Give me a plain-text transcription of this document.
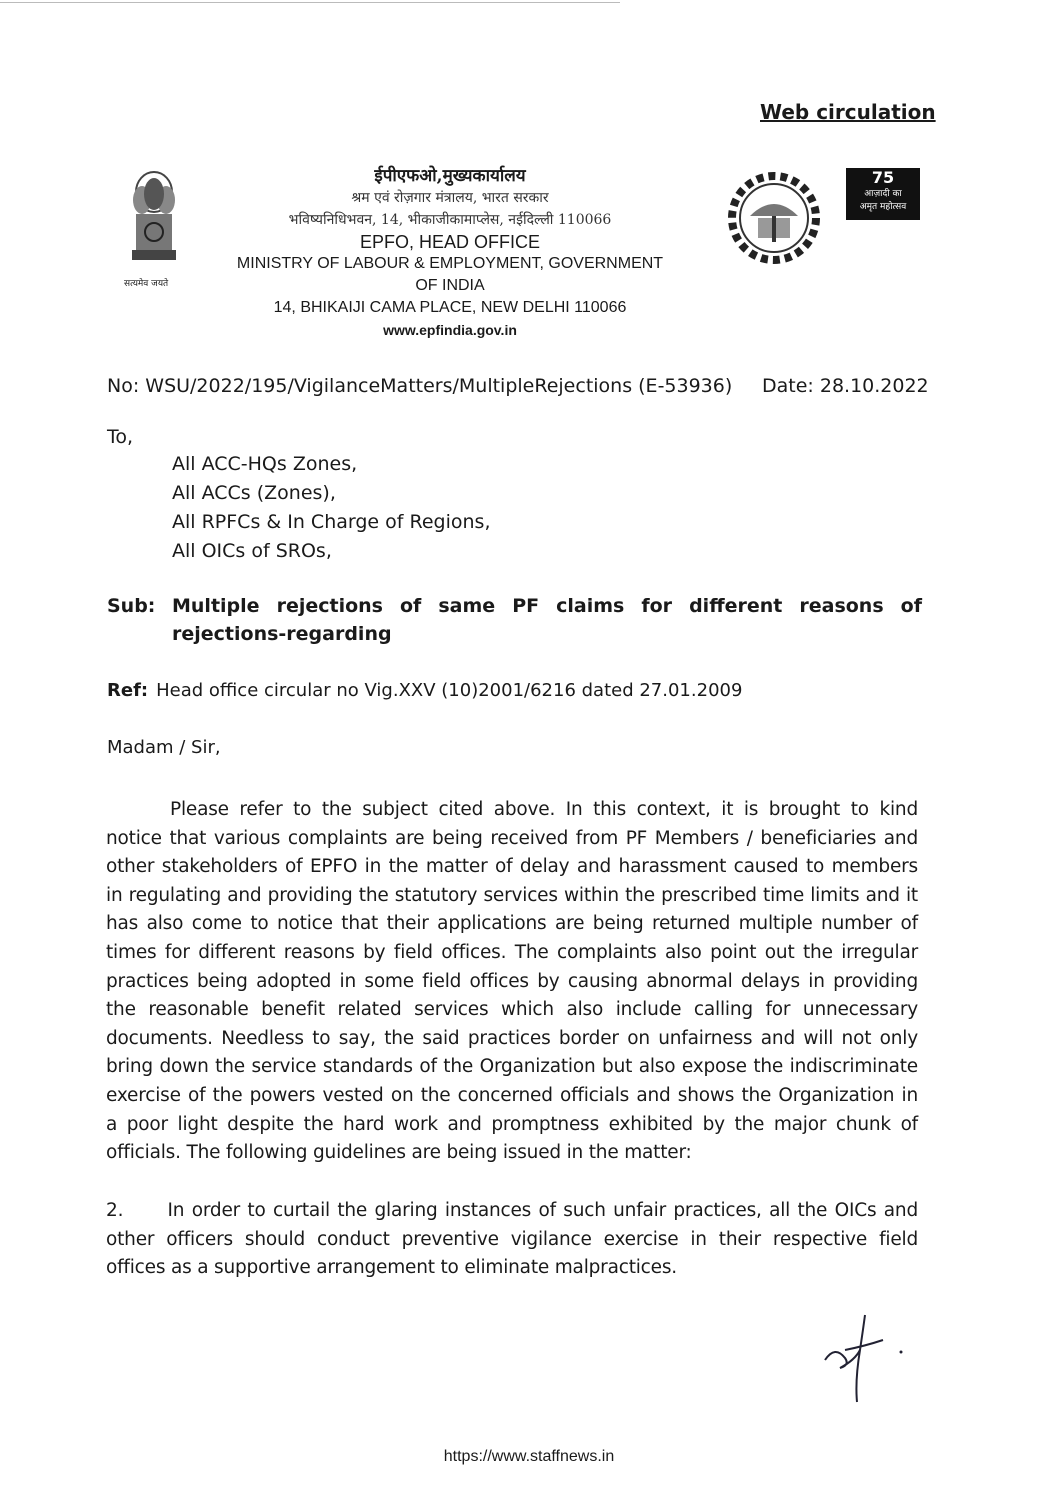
Web circulation
सत्यमेव जयते
ईपीएफओ,मुख्यकार्यालय
श्रम एवं रोज़गार मंत्रालय, भारत सरकार
भविष्यनिधिभवन, 14, भीकाजीकामाप्लेस, नईदिल्ली 110066
EPFO, HEAD OFFICE
MINISTRY OF LABOUR & EMPLOYMENT, GOVERNMENT
OF INDIA
14, BHIKAIJI CAMA PLACE, NEW DELHI 110066
www.epfindia.gov.in
75
आज़ादी का
अमृत महोत्सव
No: WSU/2022/195/VigilanceMatters/MultipleRejections (E-53936) Date: 28.10.2022
To,
All ACC-HQs Zones,
All ACCs (Zones),
All RPFCs & In Charge of Regions,
All OICs of SROs,
Sub: Multiple rejections of same PF claims for different reasons of rejections-regarding
Ref: Head office circular no Vig.XXV (10)2001/6216 dated 27.01.2009
Madam / Sir,
Please refer to the subject cited above. In this context, it is brought to kind
notice that various complaints are being received from PF Members / beneficiaries and
other stakeholders of EPFO in the matter of delay and harassment caused to members
in regulating and providing the statutory services within the prescribed time limits and it
has also come to notice that their applications are being returned multiple number of
times for different reasons by field offices. The complaints also point out the irregular
practices being adopted in some field offices by causing abnormal delays in providing
the reasonable benefit related services which also include calling for unnecessary
documents. Needless to say, the said practices border on unfairness and will not only
bring down the service standards of the Organization but also expose the indiscriminate
exercise of the powers vested on the concerned officials and shows the Organization in
a poor light despite the hard work and promptness exhibited by the major chunk of
officials. The following guidelines are being issued in the matter:
2.      In order to curtail the glaring instances of such unfair practices, all the OICs and
other officers should conduct preventive vigilance exercise in their respective field
offices as a supportive arrangement to eliminate malpractices.
https://www.staffnews.in
